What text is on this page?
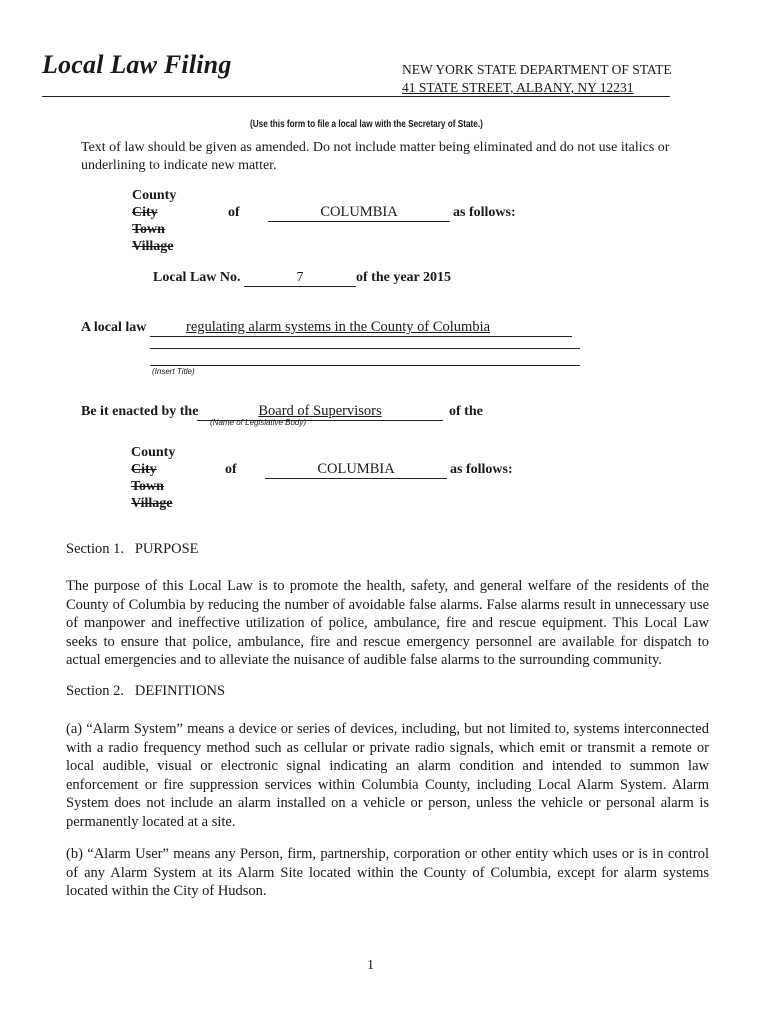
Local Law Filing	NEW YORK STATE DEPARTMENT OF STATE
41 STATE STREET, ALBANY, NY 12231
(Use this form to file a local law with the Secretary of State.)
Text of law should be given as amended. Do not include matter being eliminated and do not use italics or underlining to indicate new matter.
County
City
Town
Village
of	COLUMBIA	as follows:
Local Law No.	7	of the year 2015
A local law	regulating alarm systems in the County of Columbia
(Insert Title)
Be it enacted by the	Board of Supervisors
(Name of Legislative Body)
of the
County
City
Town
Village
of	COLUMBIA	as follows:
Section 1.   PURPOSE
The purpose of this Local Law is to promote the health, safety, and general welfare of the residents of the County of Columbia by reducing the number of avoidable false alarms. False alarms result in unnecessary use of manpower and ineffective utilization of police, ambulance, fire and rescue equipment. This Local Law seeks to ensure that police, ambulance, fire and rescue emergency personnel are available for dispatch to actual emergencies and to alleviate the nuisance of audible false alarms to the surrounding community.
Section 2.   DEFINITIONS
(a) “Alarm System” means a device or series of devices, including, but not limited to, systems interconnected with a radio frequency method such as cellular or private radio signals, which emit or transmit a remote or local audible, visual or electronic signal indicating an alarm condition and intended to summon law enforcement or fire suppression services within Columbia County, including Local Alarm System. Alarm System does not include an alarm installed on a vehicle or person, unless the vehicle or personal alarm is permanently located at a site.
(b) “Alarm User” means any Person, firm, partnership, corporation or other entity which uses or is in control of any Alarm System at its Alarm Site located within the County of Columbia, except for alarm systems located within the City of Hudson.
1
